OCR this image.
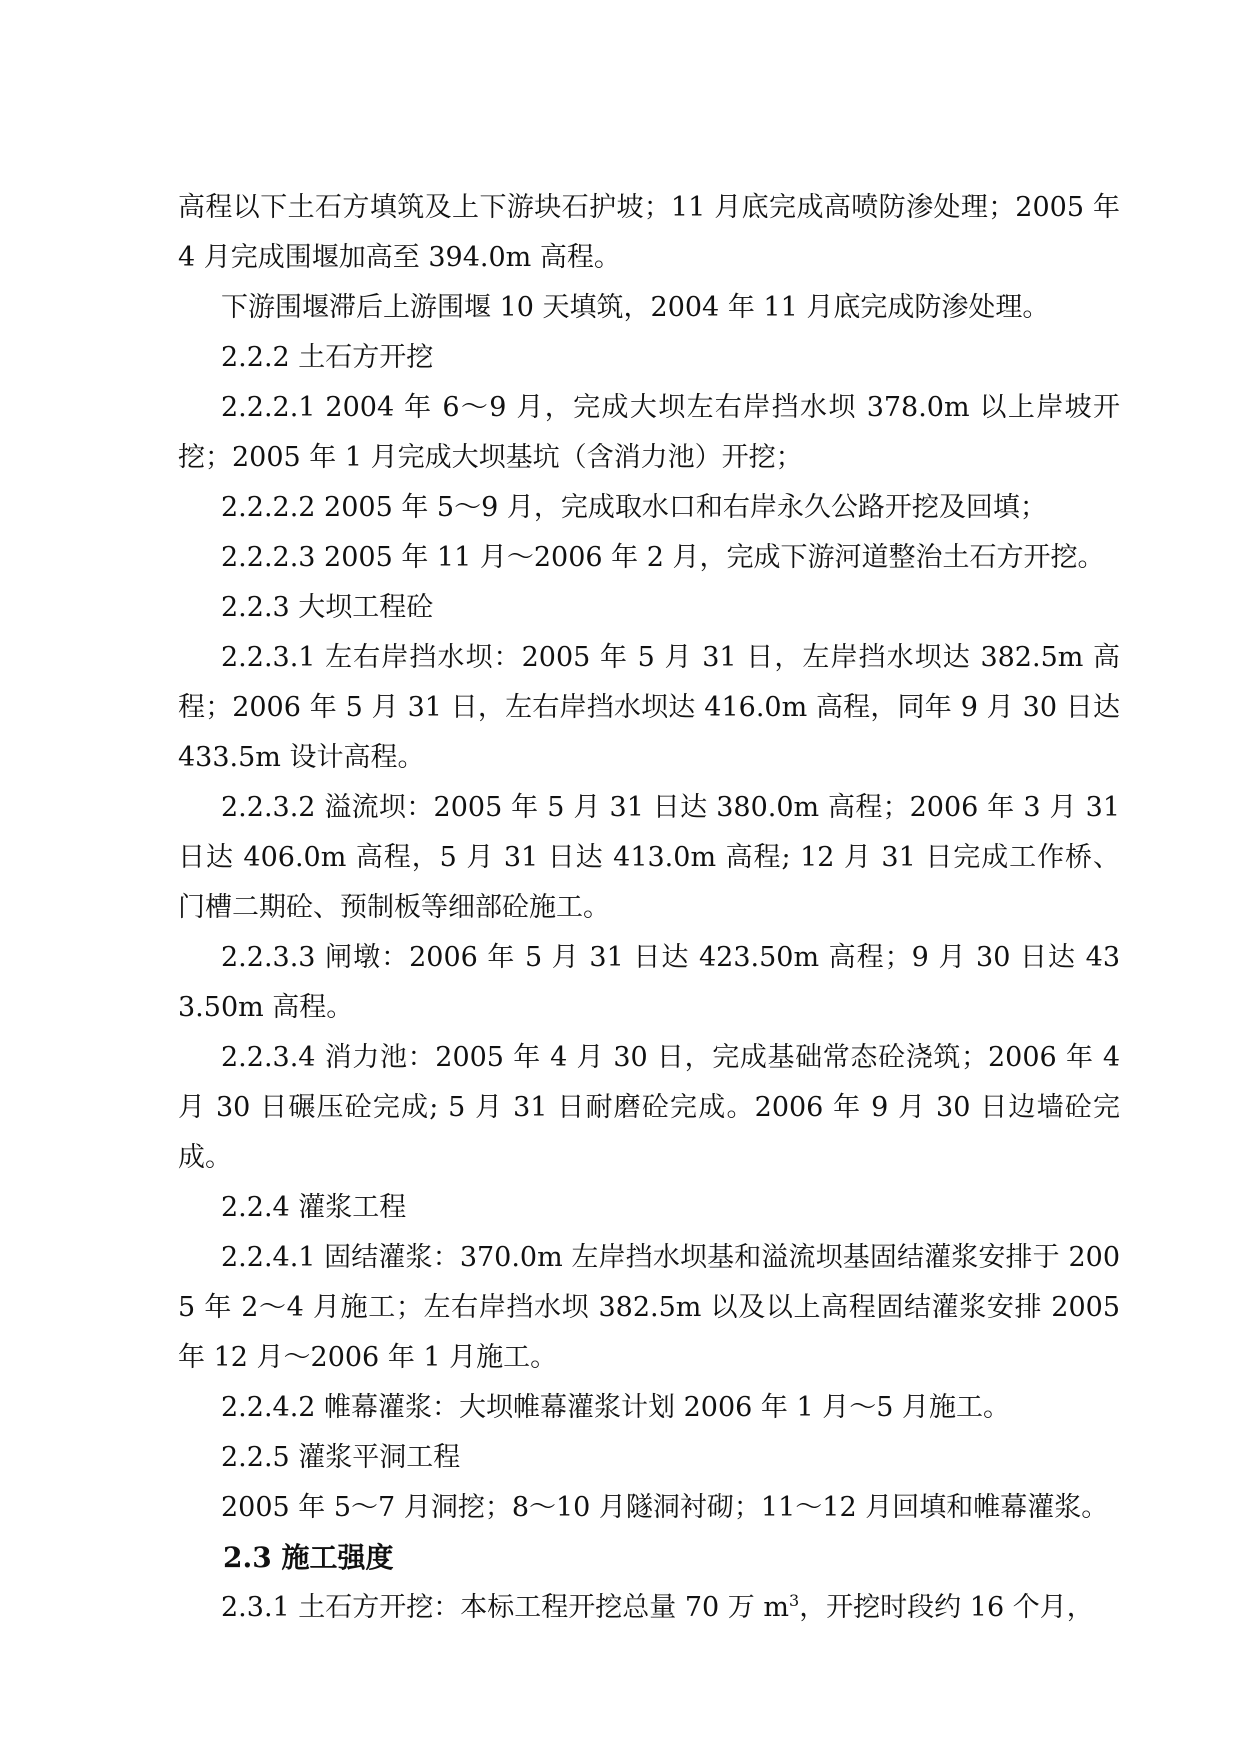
高程以下土石方填筑及上下游块石护坡；11 月底完成高喷防渗处理；2005 年 4 月完成围堰加高至 394.0m 高程。

下游围堰滞后上游围堰 10 天填筑，2004 年 11 月底完成防渗处理。

2.2.2 土石方开挖

2.2.2.1 2004 年 6～9 月，完成大坝左右岸挡水坝 378.0m 以上岸坡开挖；2005 年 1 月完成大坝基坑（含消力池）开挖；

2.2.2.2 2005 年 5～9 月，完成取水口和右岸永久公路开挖及回填；

2.2.2.3 2005 年 11 月～2006 年 2 月，完成下游河道整治土石方开挖。

2.2.3 大坝工程砼

2.2.3.1 左右岸挡水坝：2005 年 5 月 31 日，左岸挡水坝达 382.5m 高程；2006 年 5 月 31 日，左右岸挡水坝达 416.0m 高程，同年 9 月 30 日达 433.5m 设计高程。

2.2.3.2 溢流坝：2005 年 5 月 31 日达 380.0m 高程；2006 年 3 月 31 日达 406.0m 高程，5 月 31 日达 413.0m 高程; 12 月 31 日完成工作桥、门槽二期砼、预制板等细部砼施工。

2.2.3.3 闸墩：2006 年 5 月 31 日达 423.50m 高程；9 月 30 日达 433.50m 高程。

2.2.3.4 消力池：2005 年 4 月 30 日，完成基础常态砼浇筑；2006 年 4 月 30 日碾压砼完成; 5 月 31 日耐磨砼完成。2006 年 9 月 30 日边墙砼完成。

2.2.4 灌浆工程

2.2.4.1 固结灌浆：370.0m 左岸挡水坝基和溢流坝基固结灌浆安排于 2005 年 2～4 月施工；左右岸挡水坝 382.5m 以及以上高程固结灌浆安排 2005 年 12 月～2006 年 1 月施工。

2.2.4.2 帷幕灌浆：大坝帷幕灌浆计划 2006 年 1 月～5 月施工。

2.2.5 灌浆平洞工程

2005 年 5～7 月洞挖；8～10 月隧洞衬砌；11～12 月回填和帷幕灌浆。

2.3 施工强度

2.3.1 土石方开挖：本标工程开挖总量 70 万 $m^3$，开挖时段约 16 个月，
